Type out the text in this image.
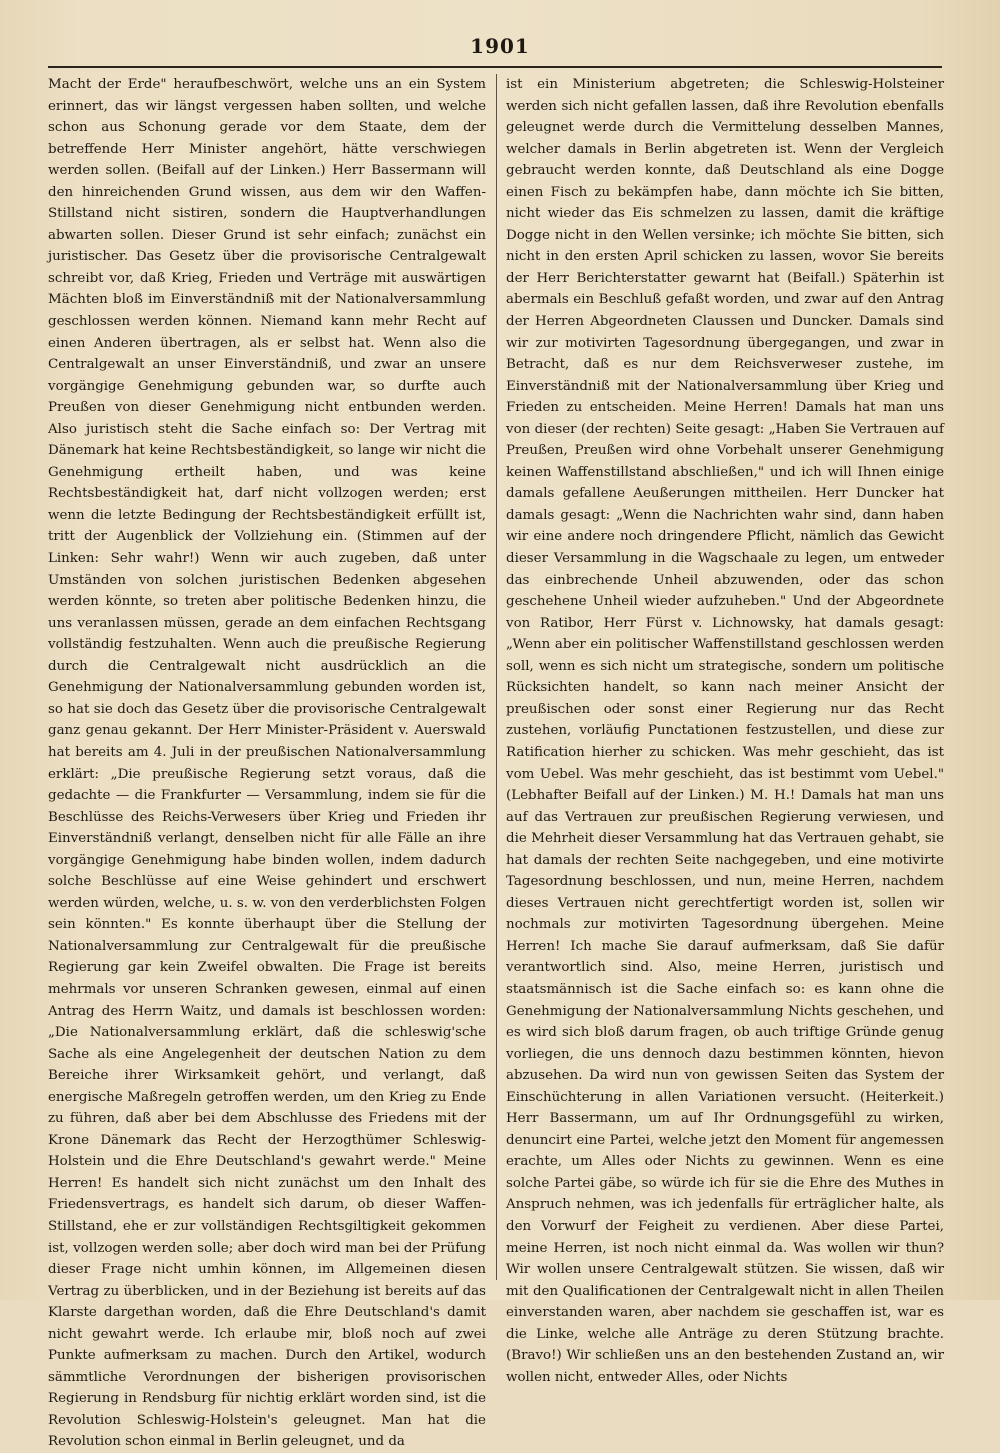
1901

Macht der Erde" heraufbeschwört, welche uns an ein System erinnert, das wir längst vergessen haben sollten, und welche schon aus Schonung gerade vor dem Staate, dem der betreffende Herr Minister angehört, hätte verschwiegen werden sollen. (Beifall auf der Linken.) Herr Bassermann will den hinreichenden Grund wissen, aus dem wir den Waffen-Stillstand nicht sistiren, sondern die Hauptverhandlungen abwarten sollen. Dieser Grund ist sehr einfach; zunächst ein juristischer. Das Gesetz über die provisorische Centralgewalt schreibt vor, daß Krieg, Frieden und Verträge mit auswärtigen Mächten bloß im Einverständniß mit der Nationalversammlung geschlossen werden können. Niemand kann mehr Recht auf einen Anderen übertragen, als er selbst hat. Wenn also die Centralgewalt an unser Einverständniß, und zwar an unsere vorgängige Genehmigung gebunden war, so durfte auch Preußen von dieser Genehmigung nicht entbunden werden. Also juristisch steht die Sache einfach so: Der Vertrag mit Dänemark hat keine Rechtsbeständigkeit, so lange wir nicht die Genehmigung ertheilt haben, und was keine Rechtsbeständigkeit hat, darf nicht vollzogen werden; erst wenn die letzte Bedingung der Rechtsbeständigkeit erfüllt ist, tritt der Augenblick der Vollziehung ein. (Stimmen auf der Linken: Sehr wahr!) Wenn wir auch zugeben, daß unter Umständen von solchen juristischen Bedenken abgesehen werden könnte, so treten aber politische Bedenken hinzu, die uns veranlassen müssen, gerade an dem einfachen Rechtsgang vollständig festzuhalten. Wenn auch die preußische Regierung durch die Centralgewalt nicht ausdrücklich an die Genehmigung der Nationalversammlung gebunden worden ist, so hat sie doch das Gesetz über die provisorische Centralgewalt ganz genau gekannt. Der Herr Minister-Präsident v. Auerswald hat bereits am 4. Juli in der preußischen Nationalversammlung erklärt: „Die preußische Regierung setzt voraus, daß die gedachte — die Frankfurter — Versammlung, indem sie für die Beschlüsse des Reichs-Verwesers über Krieg und Frieden ihr Einverständniß verlangt, denselben nicht für alle Fälle an ihre vorgängige Genehmigung habe binden wollen, indem dadurch solche Beschlüsse auf eine Weise gehindert und erschwert werden würden, welche, u. s. w. von den verderblichsten Folgen sein könnten." Es konnte überhaupt über die Stellung der Nationalversammlung zur Centralgewalt für die preußische Regierung gar kein Zweifel obwalten. Die Frage ist bereits mehrmals vor unseren Schranken gewesen, einmal auf einen Antrag des Herrn Waitz, und damals ist beschlossen worden: „Die Nationalversammlung erklärt, daß die schleswig'sche Sache als eine Angelegenheit der deutschen Nation zu dem Bereiche ihrer Wirksamkeit gehört, und verlangt, daß energische Maßregeln getroffen werden, um den Krieg zu Ende zu führen, daß aber bei dem Abschlusse des Friedens mit der Krone Dänemark das Recht der Herzogthümer Schleswig-Holstein und die Ehre Deutschland's gewahrt werde." Meine Herren! Es handelt sich nicht zunächst um den Inhalt des Friedensvertrags, es handelt sich darum, ob dieser Waffen-Stillstand, ehe er zur vollständigen Rechtsgiltigkeit gekommen ist, vollzogen werden solle; aber doch wird man bei der Prüfung dieser Frage nicht umhin können, im Allgemeinen diesen Vertrag zu überblicken, und in der Beziehung ist bereits auf das Klarste dargethan worden, daß die Ehre Deutschland's damit nicht gewahrt werde. Ich erlaube mir, bloß noch auf zwei Punkte aufmerksam zu machen. Durch den Artikel, wodurch sämmtliche Verordnungen der bisherigen provisorischen Regierung in Rendsburg für nichtig erklärt worden sind, ist die Revolution Schleswig-Holstein's geleugnet. Man hat die Revolution schon einmal in Berlin geleugnet, und da

ist ein Ministerium abgetreten; die Schleswig-Holsteiner werden sich nicht gefallen lassen, daß ihre Revolution ebenfalls geleugnet werde durch die Vermittelung desselben Mannes, welcher damals in Berlin abgetreten ist. Wenn der Vergleich gebraucht werden konnte, daß Deutschland als eine Dogge einen Fisch zu bekämpfen habe, dann möchte ich Sie bitten, nicht wieder das Eis schmelzen zu lassen, damit die kräftige Dogge nicht in den Wellen versinke; ich möchte Sie bitten, sich nicht in den ersten April schicken zu lassen, wovor Sie bereits der Herr Berichterstatter gewarnt hat (Beifall.) Späterhin ist abermals ein Beschluß gefaßt worden, und zwar auf den Antrag der Herren Abgeordneten Claussen und Duncker. Damals sind wir zur motivirten Tagesordnung übergegangen, und zwar in Betracht, daß es nur dem Reichsverweser zustehe, im Einverständniß mit der Nationalversammlung über Krieg und Frieden zu entscheiden. Meine Herren! Damals hat man uns von dieser (der rechten) Seite gesagt: „Haben Sie Vertrauen auf Preußen, Preußen wird ohne Vorbehalt unserer Genehmigung keinen Waffenstillstand abschließen," und ich will Ihnen einige damals gefallene Aeußerungen mittheilen. Herr Duncker hat damals gesagt: „Wenn die Nachrichten wahr sind, dann haben wir eine andere noch dringendere Pflicht, nämlich das Gewicht dieser Versammlung in die Wagschaale zu legen, um entweder das einbrechende Unheil abzuwenden, oder das schon geschehene Unheil wieder aufzuheben." Und der Abgeordnete von Ratibor, Herr Fürst v. Lichnowsky, hat damals gesagt: „Wenn aber ein politischer Waffenstillstand geschlossen werden soll, wenn es sich nicht um strategische, sondern um politische Rücksichten handelt, so kann nach meiner Ansicht der preußischen oder sonst einer Regierung nur das Recht zustehen, vorläufig Punctationen festzustellen, und diese zur Ratification hierher zu schicken. Was mehr geschieht, das ist vom Uebel. Was mehr geschieht, das ist bestimmt vom Uebel." (Lebhafter Beifall auf der Linken.) M. H.! Damals hat man uns auf das Vertrauen zur preußischen Regierung verwiesen, und die Mehrheit dieser Versammlung hat das Vertrauen gehabt, sie hat damals der rechten Seite nachgegeben, und eine motivirte Tagesordnung beschlossen, und nun, meine Herren, nachdem dieses Vertrauen nicht gerechtfertigt worden ist, sollen wir nochmals zur motivirten Tagesordnung übergehen. Meine Herren! Ich mache Sie darauf aufmerksam, daß Sie dafür verantwortlich sind. Also, meine Herren, juristisch und staatsmännisch ist die Sache einfach so: es kann ohne die Genehmigung der Nationalversammlung Nichts geschehen, und es wird sich bloß darum fragen, ob auch triftige Gründe genug vorliegen, die uns dennoch dazu bestimmen könnten, hievon abzusehen. Da wird nun von gewissen Seiten das System der Einschüchterung in allen Variationen versucht. (Heiterkeit.) Herr Bassermann, um auf Ihr Ordnungsgefühl zu wirken, denuncirt eine Partei, welche jetzt den Moment für angemessen erachte, um Alles oder Nichts zu gewinnen. Wenn es eine solche Partei gäbe, so würde ich für sie die Ehre des Muthes in Anspruch nehmen, was ich jedenfalls für erträglicher halte, als den Vorwurf der Feigheit zu verdienen. Aber diese Partei, meine Herren, ist noch nicht einmal da. Was wollen wir thun? Wir wollen unsere Centralgewalt stützen. Sie wissen, daß wir mit den Qualificationen der Centralgewalt nicht in allen Theilen einverstanden waren, aber nachdem sie geschaffen ist, war es die Linke, welche alle Anträge zu deren Stützung brachte. (Bravo!) Wir schließen uns an den bestehenden Zustand an, wir wollen nicht, entweder Alles, oder Nichts
